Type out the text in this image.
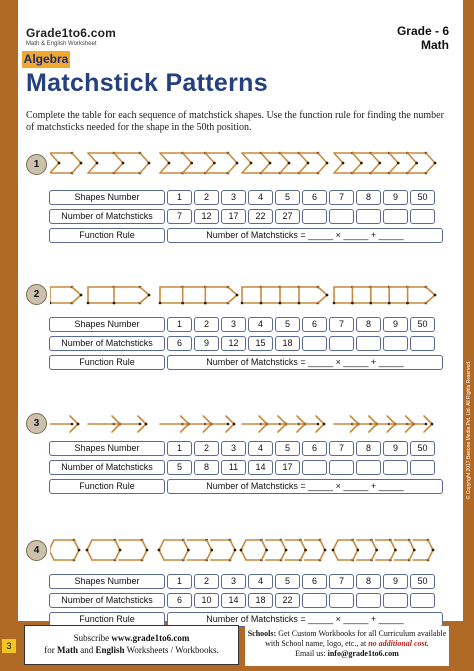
3
Grade1to6.com
Math & English Worksheet
Grade - 6
Math
Algebra
Matchstick Patterns
Complete the table for each sequence of matchstick shapes. Use the function rule for finding the number of matchsticks needed for the shape in the 50th position.
1
Shapes Number	1	2	3	4	5	6	7	8	9	50
Number of Matchsticks	7	12	17	22	27
Function Rule	Number of Matchsticks = _____ × _____ + _____
2
Shapes Number	1	2	3	4	5	6	7	8	9	50
Number of Matchsticks	6	9	12	15	18
Function Rule	Number of Matchsticks = _____ × _____ + _____
3
Shapes Number	1	2	3	4	5	6	7	8	9	50
Number of Matchsticks	5	8	11	14	17
Function Rule	Number of Matchsticks = _____ × _____ + _____
4
Shapes Number	1	2	3	4	5	6	7	8	9	50
Number of Matchsticks	6	10	14	18	22
Function Rule	Number of Matchsticks = _____ × _____ + _____
© Copyright 2017 Beeone Media Pvt. Ltd. All Rights Reserved.
Subscribe www.grade1to6.com
for Math and English Worksheets / Workbooks.
Schools: Get Custom Workbooks for all Curriculum available
with School name, logo, etc., at no additional cost.
Email us: info@grade1to6.com
